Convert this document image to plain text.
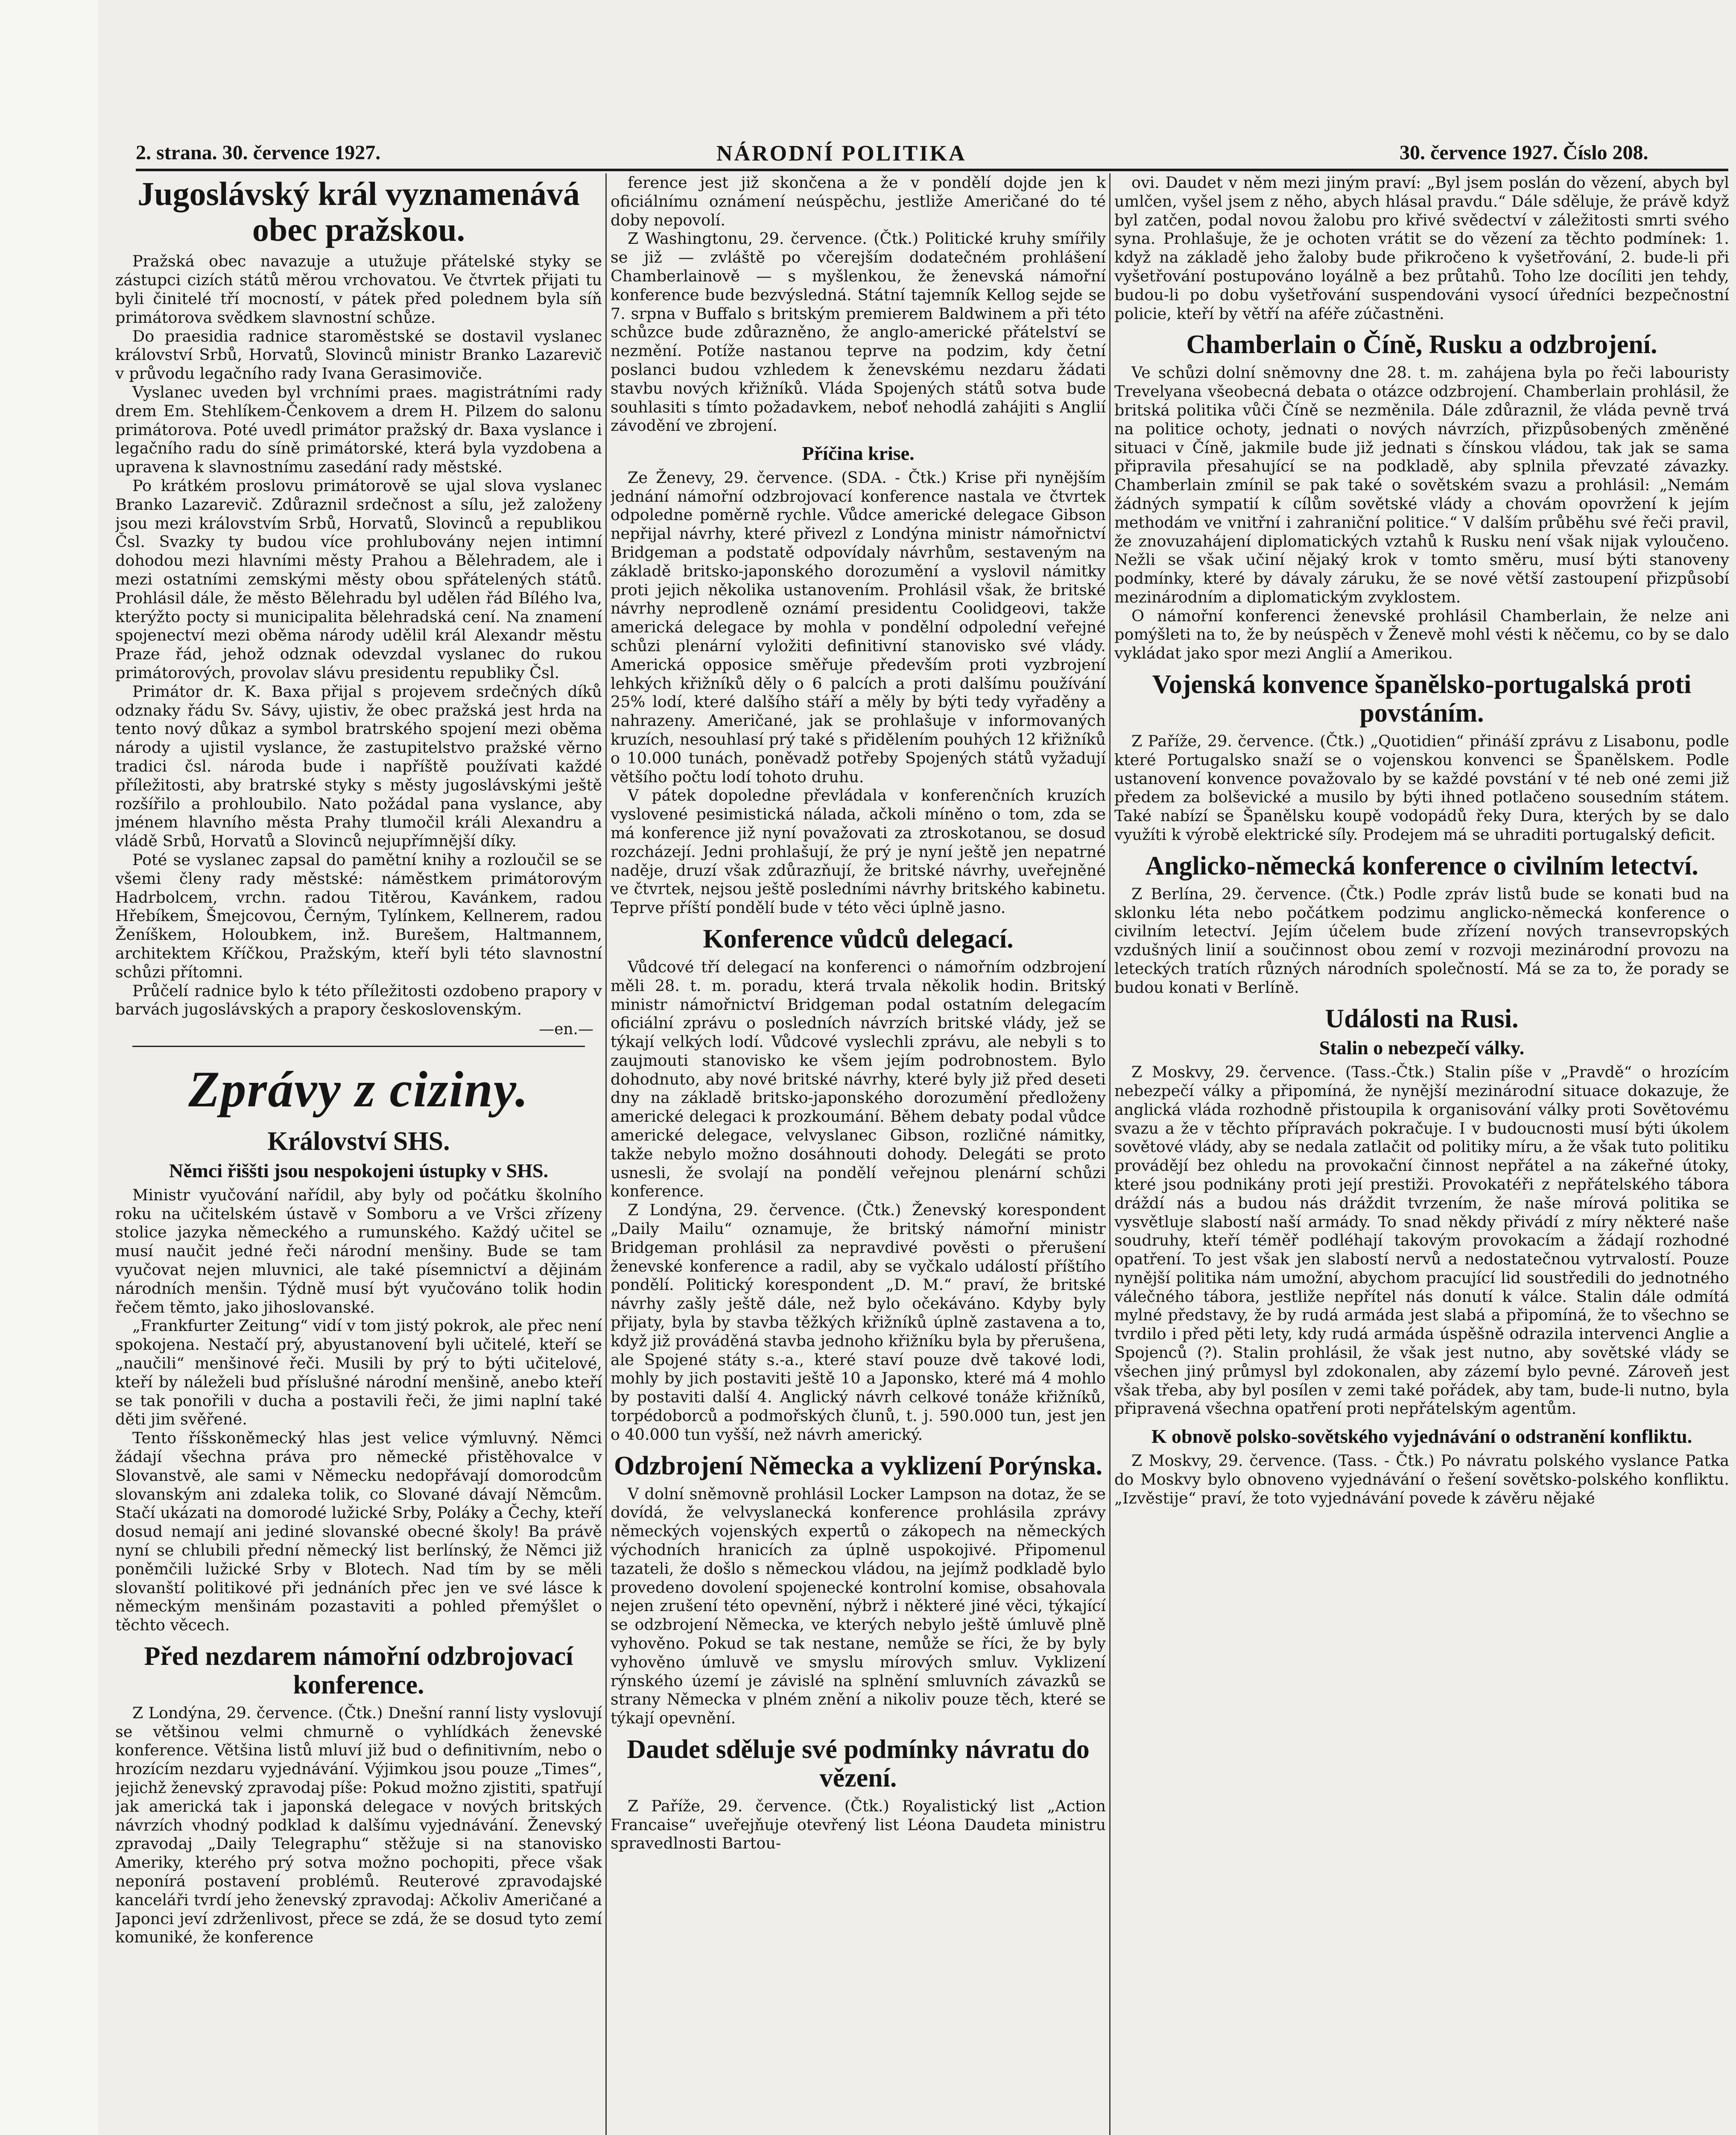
2. strana. 30. července 1927.	NÁRODNÍ POLITIKA	30. července 1927. Číslo 208.
Jugoslávský král vyznamenává obec pražskou.

Pražská obec navazuje a utužuje přátelské styky se zástupci cizích států měrou vrchovatou. Ve čtvrtek přijati tu byli činitelé tří mocností, v pátek před polednem byla síň primátorova svědkem slavnostní schůze.

Do praesidia radnice staroměstské se dostavil vyslanec království Srbů, Horvatů, Slovinců ministr Branko Lazarevič v průvodu legačního rady Ivana Gerasimoviče.

Vyslanec uveden byl vrchními praes. magistrátními rady drem Em. Stehlíkem-Čenkovem a drem H. Pilzem do salonu primátorova. Poté uvedl primátor pražský dr. Baxa vyslance i legačního radu do síně primátorské, která byla vyzdobena a upravena k slavnostnímu zasedání rady městské.

Po krátkém proslovu primátorově se ujal slova vyslanec Branko Lazarevič. Zdůraznil srdečnost a sílu, jež založeny jsou mezi královstvím Srbů, Horvatů, Slovinců a republikou Čsl. Svazky ty budou více prohlubovány nejen intimní dohodou mezi hlavními městy Prahou a Bělehradem, ale i mezi ostatními zemskými městy obou spřátelených států. Prohlásil dále, že město Bělehradu byl udělen řád Bílého lva, kterýžto pocty si municipalita bělehradská cení. Na znamení spojenectví mezi oběma národy udělil král Alexandr městu Praze řád, jehož odznak odevzdal vyslanec do rukou primátorových, provolav slávu presidentu republiky Čsl.

Primátor dr. K. Baxa přijal s projevem srdečných díků odznaky řádu Sv. Sávy, ujistiv, že obec pražská jest hrda na tento nový důkaz a symbol bratrského spojení mezi oběma národy a ujistil vyslance, že zastupitelstvo pražské věrno tradici čsl. národa bude i napříště používati každé příležitosti, aby bratrské styky s městy jugoslávskými ještě rozšířilo a prohloubilo. Nato požádal pana vyslance, aby jménem hlavního města Prahy tlumočil králi Alexandru a vládě Srbů, Horvatů a Slovinců nejupřímnější díky.

Poté se vyslanec zapsal do pamětní knihy a rozloučil se se všemi členy rady městské: náměstkem primátorovým Hadrbolcem, vrchn. radou Titěrou, Kavánkem, radou Hřebíkem, Šmejcovou, Černým, Tylínkem, Kellnerem, radou Ženíškem, Holoubkem, inž. Burešem, Haltmannem, architektem Kříčkou, Pražským, kteří byli této slavnostní schůzi přítomni.

Průčelí radnice bylo k této příležitosti ozdobeno prapory v barvách jugoslávských a prapory československým.

—en.—
Zprávy z ciziny.
Království SHS.
Němci řiššti jsou nespokojeni ústupky v SHS.

Ministr vyučování nařídil, aby byly od počátku školního roku na učitelském ústavě v Somboru a ve Vršci zřízeny stolice jazyka německého a rumunského. Každý učitel se musí naučit jedné řeči národní menšiny. Bude se tam vyučovat nejen mluvnici, ale také písemnictví a dějinám národních menšin. Týdně musí být vyučováno tolik hodin řečem těmto, jako jihoslovanské.

„Frankfurter Zeitung“ vidí v tom jistý pokrok, ale přec není spokojena. Nestačí prý, abyustanovení byli učitelé, kteří se „naučili“ menšinové řeči. Musili by prý to býti učitelové, kteří by náleželi bud příslušné národní menšině, anebo kteří se tak ponořili v ducha a postavili řeči, že jimi naplní také děti jim svěřené.

Tento říšskoněmecký hlas jest velice výmluvný. Němci žádají všechna práva pro německé přistěhovalce v Slovanstvě, ale sami v Německu nedopřávají domorodcům slovanským ani zdaleka tolik, co Slované dávají Němcům. Stačí ukázati na domorodé lužické Srby, Poláky a Čechy, kteří dosud nemají ani jediné slovanské obecné školy! Ba právě nyní se chlubili přední německý list berlínský, že Němci již poněmčili lužické Srby v Blotech. Nad tím by se měli slovanští politikové při jednáních přec jen ve své lásce k německým menšinám pozastaviti a pohled přemýšlet o těchto věcech.

Před nezdarem námořní odzbrojovací konference.

Z Londýna, 29. července. (Čtk.) Dnešní ranní listy vyslovují se většinou velmi chmurně o vyhlídkách ženevské konference. Většina listů mluví již bud o definitivním, nebo o hrozícím nezdaru vyjednávání. Výjimkou jsou pouze „Times“, jejichž ženevský zpravodaj píše: Pokud možno zjistiti, spatřují jak americká tak i japonská delegace v nových britských návrzích vhodný podklad k dalšímu vyjednávání. Ženevský zpravodaj „Daily Telegraphu“ stěžuje si na stanovisko Ameriky, kterého prý sotva možno pochopiti, přece však neponírá postavení problémů. Reuterové zpravodajské kanceláři tvrdí jeho ženevský zpravodaj: Ačkoliv Američané a Japonci jeví zdrženlivost, přece se zdá, že se dosud tyto zemí komuniké, že konference

ference jest již skončena a že v pondělí dojde jen k oficiálnímu oznámení neúspěchu, jestliže Američané do té doby nepovolí.

Z Washingtonu, 29. července. (Čtk.) Politické kruhy smířily se již — zvláště po včerejším dodatečném prohlášení Chamberlainově — s myšlenkou, že ženevská námořní konference bude bezvýsledná. Státní tajemník Kellog sejde se 7. srpna v Buffalo s britským premierem Baldwinem a při této schůzce bude zdůrazněno, že anglo-americké přátelství se nezmění. Potíže nastanou teprve na podzim, kdy četní poslanci budou vzhledem k ženevskému nezdaru žádati stavbu nových křižníků. Vláda Spojených států sotva bude souhlasiti s tímto požadavkem, neboť nehodlá zahájiti s Anglií závodění ve zbrojení.

Příčina krise.

Ze Ženevy, 29. července. (SDA. - Čtk.) Krise při nynějším jednání námořní odzbrojovací konference nastala ve čtvrtek odpoledne poměrně rychle. Vůdce americké delegace Gibson nepřijal návrhy, které přivezl z Londýna ministr námořnictví Bridgeman a podstatě odpovídaly návrhům, sestaveným na základě britsko-japonského dorozumění a vyslovil námitky proti jejich několika ustanovením. Prohlásil však, že britské návrhy neprodleně oznámí presidentu Coolidgeovi, takže americká delegace by mohla v pondělní odpolední veřejné schůzi plenární vyložiti definitivní stanovisko své vlády. Americká opposice směřuje především proti vyzbrojení lehkých křižníků děly o 6 palcích a proti dalšímu používání 25% lodí, které dalšího stáří a měly by býti tedy vyřaděny a nahrazeny. Američané, jak se prohlašuje v informovaných kruzích, nesouhlasí prý také s přidělením pouhých 12 křižníků o 10.000 tunách, poněvadž potřeby Spojených států vyžadují většího počtu lodí tohoto druhu.

V pátek dopoledne převládala v konferenčních kruzích vyslovené pesimistická nálada, ačkoli míněno o tom, zda se má konference již nyní považovati za ztroskotanou, se dosud rozcházejí. Jedni prohlašují, že prý je nyní ještě jen nepatrné naděje, druzí však zdůrazňují, že britské návrhy, uveřejněné ve čtvrtek, nejsou ještě posledními návrhy britského kabinetu. Teprve příští pondělí bude v této věci úplně jasno.

Konference vůdců delegací.

Vůdcové tří delegací na konferenci o námořním odzbrojení měli 28. t. m. poradu, která trvala několik hodin. Britský ministr námořnictví Bridgeman podal ostatním delegacím oficiální zprávu o posledních návrzích britské vlády, jež se týkají velkých lodí. Vůdcové vyslechli zprávu, ale nebyli s to zaujmouti stanovisko ke všem jejím podrobnostem. Bylo dohodnuto, aby nové britské návrhy, které byly již před deseti dny na základě britsko-japonského dorozumění předloženy americké delegaci k prozkoumání. Během debaty podal vůdce americké delegace, velvyslanec Gibson, rozličné námitky, takže nebylo možno dosáhnouti dohody. Delegáti se proto usnesli, že svolají na pondělí veřejnou plenární schůzi konference.

Z Londýna, 29. července. (Čtk.) Ženevský korespondent „Daily Mailu“ oznamuje, že britský námořní ministr Bridgeman prohlásil za nepravdivé pověsti o přerušení ženevské konference a radil, aby se vyčkalo událostí příštího pondělí. Politický korespondent „D. M.“ praví, že britské návrhy zašly ještě dále, než bylo očekáváno. Kdyby byly přijaty, byla by stavba těžkých křižníků úplně zastavena a to, když již prováděná stavba jednoho křižníku byla by přerušena, ale Spojené státy s.-a., které staví pouze dvě takové lodi, mohly by jich postaviti ještě 10 a Japonsko, které má 4 mohlo by postaviti další 4. Anglický návrh celkové tonáže křižníků, torpédoborců a podmořských člunů, t. j. 590.000 tun, jest jen o 40.000 tun vyšší, než návrh americký.

Odzbrojení Německa a vyklizení Porýnska.

V dolní sněmovně prohlásil Locker Lampson na dotaz, že se dovídá, že velvyslanecká konference prohlásila zprávy německých vojenských expertů o zákopech na německých východních hranicích za úplně uspokojivé. Připomenul tazateli, že došlo s německou vládou, na jejímž podkladě bylo provedeno dovolení spojenecké kontrolní komise, obsahovala nejen zrušení této opevnění, nýbrž i některé jiné věci, týkající se odzbrojení Německa, ve kterých nebylo ještě úmluvě plně vyhověno. Pokud se tak nestane, nemůže se říci, že by byly vyhověno úmluvě ve smyslu mírových smluv. Vyklizení rýnského území je závislé na splnění smluvních závazků se strany Německa v plném znění a nikoliv pouze těch, které se týkají opevnění.

Daudet sděluje své podmínky návratu do vězení.

Z Paříže, 29. července. (Čtk.) Royalistický list „Action Francaise“ uveřejňuje otevřený list Léona Daudeta ministru spravedlnosti Bartou-

ovi. Daudet v něm mezi jiným praví: „Byl jsem poslán do vězení, abych byl umlčen, vyšel jsem z něho, abych hlásal pravdu.“ Dále sděluje, že právě když byl zatčen, podal novou žalobu pro křivé svědectví v záležitosti smrti svého syna. Prohlašuje, že je ochoten vrátit se do vězení za těchto podmínek: 1. když na základě jeho žaloby bude přikročeno k vyšetřování, 2. bude-li při vyšetřování postupováno loyálně a bez průtahů. Toho lze docíliti jen tehdy, budou-li po dobu vyšetřování suspendováni vysocí úředníci bezpečnostní policie, kteří by větří na aféře zúčastněni.

Chamberlain o Číně, Rusku a odzbrojení.

Ve schůzi dolní sněmovny dne 28. t. m. zahájena byla po řeči labouristy Trevelyana všeobecná debata o otázce odzbrojení. Chamberlain prohlásil, že britská politika vůči Číně se nezměnila. Dále zdůraznil, že vláda pevně trvá na politice ochoty, jednati o nových návrzích, přizpůsobených změněné situaci v Číně, jakmile bude již jednati s čínskou vládou, tak jak se sama připravila přesahující se na podkladě, aby splnila převzaté závazky. Chamberlain zmínil se pak také o sovětském svazu a prohlásil: „Nemám žádných sympatií k cílům sovětské vlády a chovám opovržení k jejím methodám ve vnitřní i zahraniční politice.“ V dalším průběhu své řeči pravil, že znovuzahájení diplomatických vztahů k Rusku není však nijak vyloučeno. Nežli se však učiní nějaký krok v tomto směru, musí býti stanoveny podmínky, které by dávaly záruku, že se nové větší zastoupení přizpůsobí mezinárodním a diplomatickým zvyklostem.

O námořní konferenci ženevské prohlásil Chamberlain, že nelze ani pomýšleti na to, že by neúspěch v Ženevě mohl vésti k něčemu, co by se dalo vykládat jako spor mezi Anglií a Amerikou.

Vojenská konvence španělsko-portugalská proti povstáním.

Z Paříže, 29. července. (Čtk.) „Quotidien“ přináší zprávu z Lisabonu, podle které Portugalsko snaží se o vojenskou konvenci se Španělskem. Podle ustanovení konvence považovalo by se každé povstání v té neb oné zemi již předem za bolševické a musilo by býti ihned potlačeno sousedním státem. Také nabízí se Španělsku koupě vodopádů řeky Dura, kterých by se dalo využíti k výrobě elektrické síly. Prodejem má se uhraditi portugalský deficit.

Anglicko-německá konference o civilním letectví.

Z Berlína, 29. července. (Čtk.) Podle zpráv listů bude se konati bud na sklonku léta nebo počátkem podzimu anglicko-německá konference o civilním letectví. Jejím účelem bude zřízení nových transevropských vzdušných linií a součinnost obou zemí v rozvoji mezinárodní provozu na leteckých tratích různých národních společností. Má se za to, že porady se budou konati v Berlíně.

Události na Rusi.
Stalin o nebezpečí války.

Z Moskvy, 29. července. (Tass.-Čtk.) Stalin píše v „Pravdě“ o hrozícím nebezpečí války a připomíná, že nynější mezinárodní situace dokazuje, že anglická vláda rozhodně přistoupila k organisování války proti Sovětovému svazu a že v těchto přípravách pokračuje. I v budoucnosti musí býti úkolem sovětové vlády, aby se nedala zatlačit od politiky míru, a že však tuto politiku provádějí bez ohledu na provokační činnost nepřátel a na zákeřné útoky, které jsou podnikány proti její prestiži. Provokatéři z nepřátelského tábora dráždí nás a budou nás dráždit tvrzením, že naše mírová politika se vysvětluje slabostí naší armády. To snad někdy přivádí z míry některé naše soudruhy, kteří téměř podléhají takovým provokacím a žádají rozhodné opatření. To jest však jen slabostí nervů a nedostatečnou vytrvalostí. Pouze nynější politika nám umožní, abychom pracující lid soustředili do jednotného válečného tábora, jestliže nepřítel nás donutí k válce. Stalin dále odmítá mylné představy, že by rudá armáda jest slabá a připomíná, že to všechno se tvrdilo i před pěti lety, kdy rudá armáda úspěšně odrazila intervenci Anglie a Spojenců (?). Stalin prohlásil, že však jest nutno, aby sovětské vlády se všechen jiný průmysl byl zdokonalen, aby zázemí bylo pevné. Zároveň jest však třeba, aby byl posílen v zemi také pořádek, aby tam, bude-li nutno, byla připravená všechna opatření proti nepřátelským agentům.

K obnově polsko-sovětského vyjednávání o odstranění konfliktu.

Z Moskvy, 29. července. (Tass. - Čtk.) Po návratu polského vyslance Patka do Moskvy bylo obnoveno vyjednávání o řešení sovětsko-polského konfliktu. „Izvěstije“ praví, že toto vyjednávání povede k závěru nějaké
